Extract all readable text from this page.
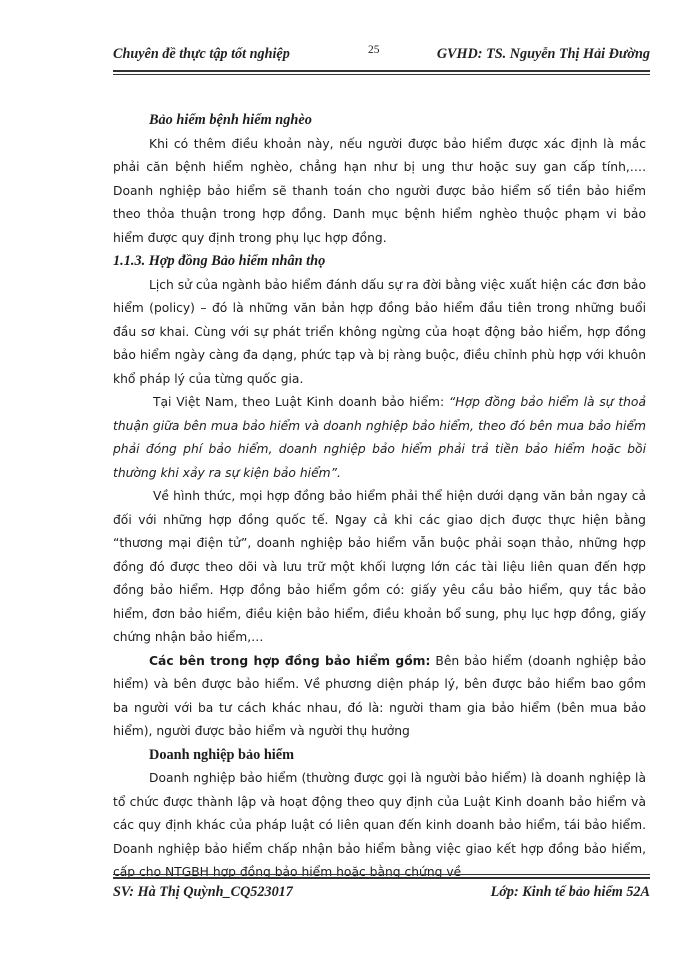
Chuyên đề thực tập tốt nghiệp	25	GVHD: TS. Nguyễn Thị Hải Đường

Bảo hiểm bệnh hiểm nghèo

Khi có thêm điều khoản này, nếu người được bảo hiểm được xác định là mắc phải căn bệnh hiểm nghèo, chẳng hạn như bị ung thư hoặc suy gan cấp tính,…. Doanh nghiệp bảo hiểm sẽ thanh toán cho người được bảo hiểm số tiền bảo hiểm theo thỏa thuận trong hợp đồng. Danh mục bệnh hiểm nghèo thuộc phạm vi bảo hiểm được quy định trong phụ lục hợp đồng.

1.1.3. Hợp đồng Bảo hiểm nhân thọ

Lịch sử của ngành bảo hiểm đánh dấu sự ra đời bằng việc xuất hiện các đơn bảo hiểm (policy) – đó là những văn bản hợp đồng bảo hiểm đầu tiên trong những buổi đầu sơ khai. Cùng với sự phát triển không ngừng của hoạt động bảo hiểm, hợp đồng bảo hiểm ngày càng đa dạng, phức tạp và bị ràng buộc, điều chỉnh phù hợp với khuôn khổ pháp lý của từng quốc gia.

Tại Việt Nam, theo Luật Kinh doanh bảo hiểm: “Hợp đồng bảo hiểm là sự thoả thuận giữa bên mua bảo hiểm và doanh nghiệp bảo hiểm, theo đó bên mua bảo hiểm phải đóng phí bảo hiểm, doanh nghiệp bảo hiểm phải trả tiền bảo hiểm hoặc bồi thường khi xảy ra sự kiện bảo hiểm”.

Về hình thức, mọi hợp đồng bảo hiểm phải thể hiện dưới dạng văn bản ngay cả đối với những hợp đồng quốc tế. Ngay cả khi các giao dịch được thực hiện bằng “thương mại điện tử”, doanh nghiệp bảo hiểm vẫn buộc phải soạn thảo, những hợp đồng đó được theo dõi và lưu trữ một khối lượng lớn các tài liệu liên quan đến hợp đồng bảo hiểm. Hợp đồng bảo hiểm gồm có: giấy yêu cầu bảo hiểm, quy tắc bảo hiểm, đơn bảo hiểm, điều kiện bảo hiểm, điều khoản bổ sung, phụ lục hợp đồng, giấy chứng nhận bảo hiểm,…

Các bên trong hợp đồng bảo hiểm gồm: Bên bảo hiểm (doanh nghiệp bảo hiểm) và bên được bảo hiểm. Về phương diện pháp lý, bên được bảo hiểm bao gồm ba người với ba tư cách khác nhau, đó là: người tham gia bảo hiểm (bên mua bảo hiểm), người được bảo hiểm và người thụ hưởng

Doanh nghiệp bảo hiểm

Doanh nghiệp bảo hiểm (thường được gọi là người bảo hiểm) là doanh nghiệp là tổ chức được thành lập và hoạt động theo quy định của Luật Kinh doanh bảo hiểm và các quy định khác của pháp luật có liên quan đến kinh doanh bảo hiểm, tái bảo hiểm. Doanh nghiệp bảo hiểm chấp nhận bảo hiểm bằng việc giao kết hợp đồng bảo hiểm, cấp cho NTGBH hợp đồng bảo hiểm hoặc bằng chứng về

SV: Hà Thị Quỳnh_CQ523017	Lớp: Kinh tế bảo hiểm 52A
